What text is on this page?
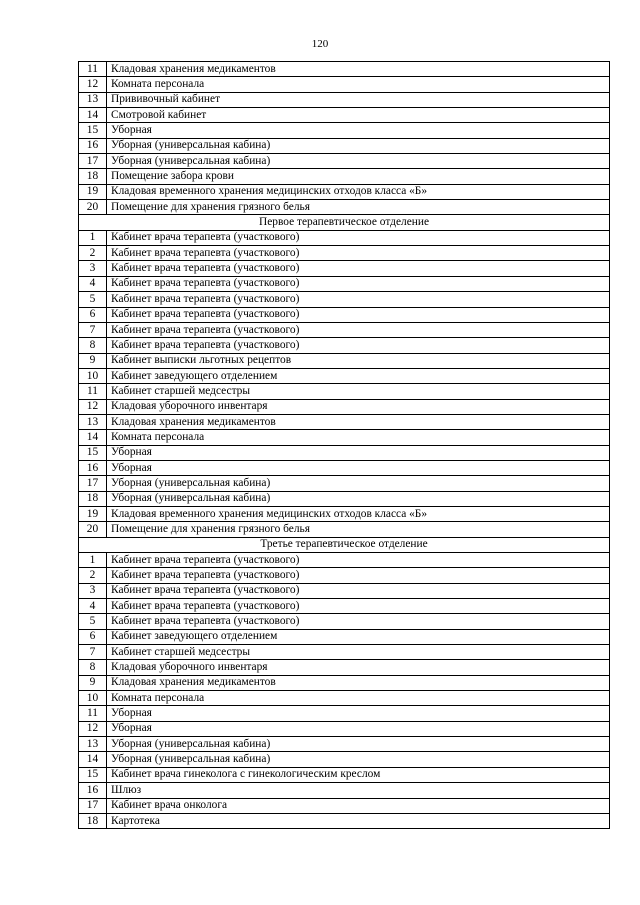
120
11	Кладовая хранения медикаментов
12	Комната персонала
13	Прививочный кабинет
14	Смотровой кабинет
15	Уборная
16	Уборная (универсальная кабина)
17	Уборная (универсальная кабина)
18	Помещение забора крови
19	Кладовая временного хранения медицинских отходов класса «Б»
20	Помещение для хранения грязного белья
Первое терапевтическое отделение	
1	Кабинет врача терапевта (участкового)
2	Кабинет врача терапевта (участкового)
3	Кабинет врача терапевта (участкового)
4	Кабинет врача терапевта (участкового)
5	Кабинет врача терапевта (участкового)
6	Кабинет врача терапевта (участкового)
7	Кабинет врача терапевта (участкового)
8	Кабинет врача терапевта (участкового)
9	Кабинет выписки льготных рецептов
10	Кабинет заведующего отделением
11	Кабинет старшей медсестры
12	Кладовая уборочного инвентаря
13	Кладовая хранения медикаментов
14	Комната персонала
15	Уборная
16	Уборная
17	Уборная (универсальная кабина)
18	Уборная (универсальная кабина)
19	Кладовая временного хранения медицинских отходов класса «Б»
20	Помещение для хранения грязного белья
Третье терапевтическое отделение	
1	Кабинет врача терапевта (участкового)
2	Кабинет врача терапевта (участкового)
3	Кабинет врача терапевта (участкового)
4	Кабинет врача терапевта (участкового)
5	Кабинет врача терапевта (участкового)
6	Кабинет заведующего отделением
7	Кабинет старшей медсестры
8	Кладовая уборочного инвентаря
9	Кладовая хранения медикаментов
10	Комната персонала
11	Уборная
12	Уборная
13	Уборная (универсальная кабина)
14	Уборная (универсальная кабина)
15	Кабинет врача гинеколога с гинекологическим креслом
16	Шлюз
17	Кабинет врача онколога
18	Картотека
